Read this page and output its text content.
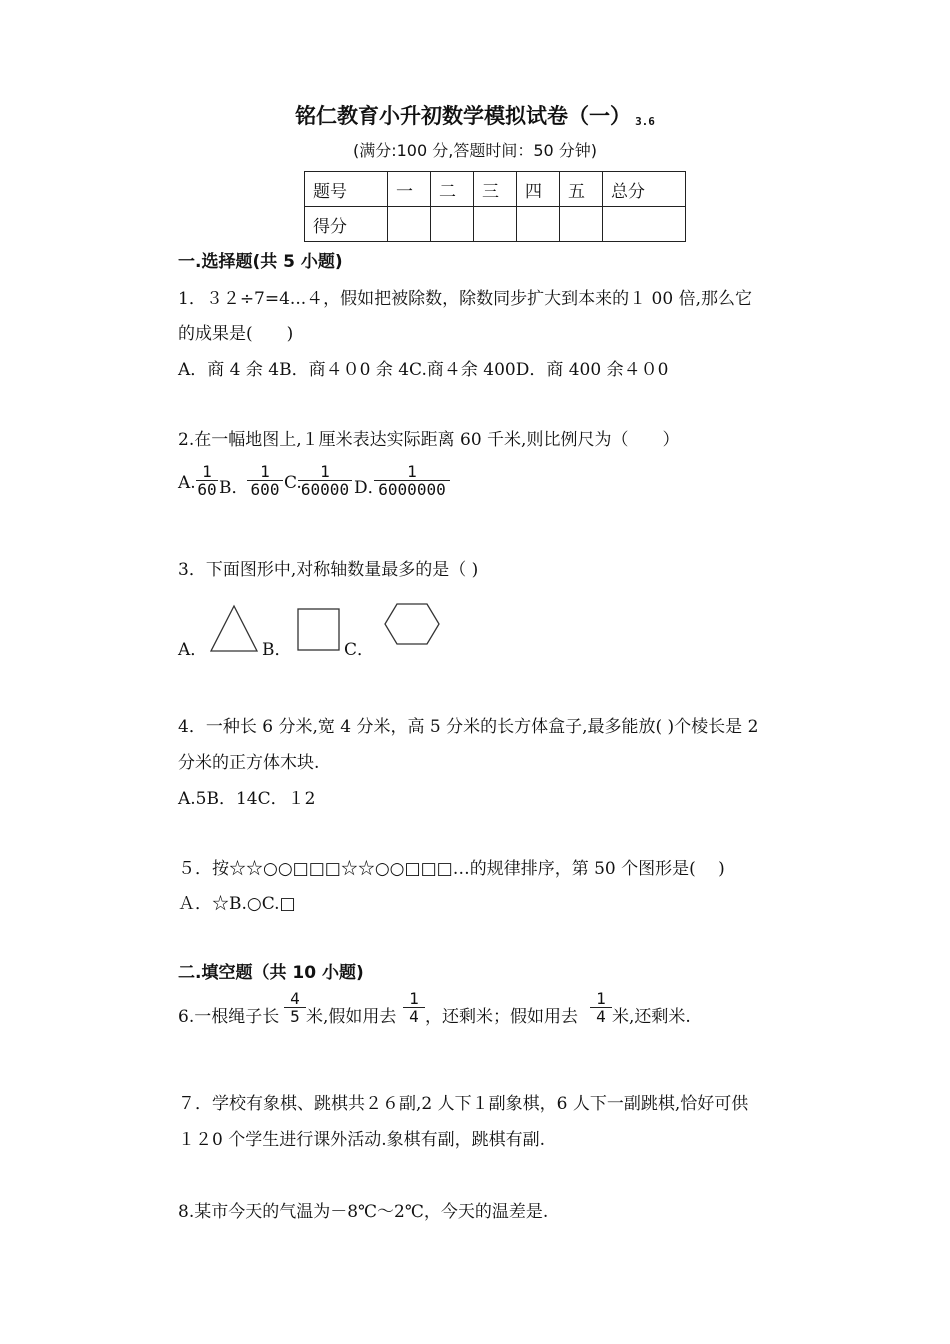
铭仁教育小升初数学模拟试卷（一） 3.6
(满分:100 分,答题时间：50 分钟)
题号	一	二	三	四	五	总分
得分						
一.选择题(共 5 小题)
1．３２÷7=4...４，假如把被除数，除数同步扩大到本来的１ 00 倍,那么它
的成果是(　　)
A．商 4 余 4B．商４０0 余 4C.商４余 400D．商 400 余４０0
2.在一幅地图上,１厘米表达实际距离 60 千米,则比例尺为（　　）
A.
1
60 B．
1
600 C.
1
60000 D．
1
6000000
3．下面图形中,对称轴数量最多的是（ )
A．	B．	C．
4．一种长 6 分米,宽 4 分米，高 5 分米的长方体盒子,最多能放( )个棱长是 2
分米的正方体木块.
A.5B．14C．１2
５．按☆☆○○□□□☆☆○○□□□…的规律排序，第 50 个图形是(　 )
Ａ．☆B.○C.□
二.填空题（共 10 小题)
6.一根绳子长
4
5 米,假如用去
1
4 ，还剩米；假如用去
1
4 米,还剩米.
７．学校有象棋、跳棋共２６副,2 人下１副象棋，6 人下一副跳棋,恰好可供
１２0 个学生进行课外活动.象棋有副，跳棋有副.
8.某市今天的气温为－8℃～2℃，今天的温差是.
